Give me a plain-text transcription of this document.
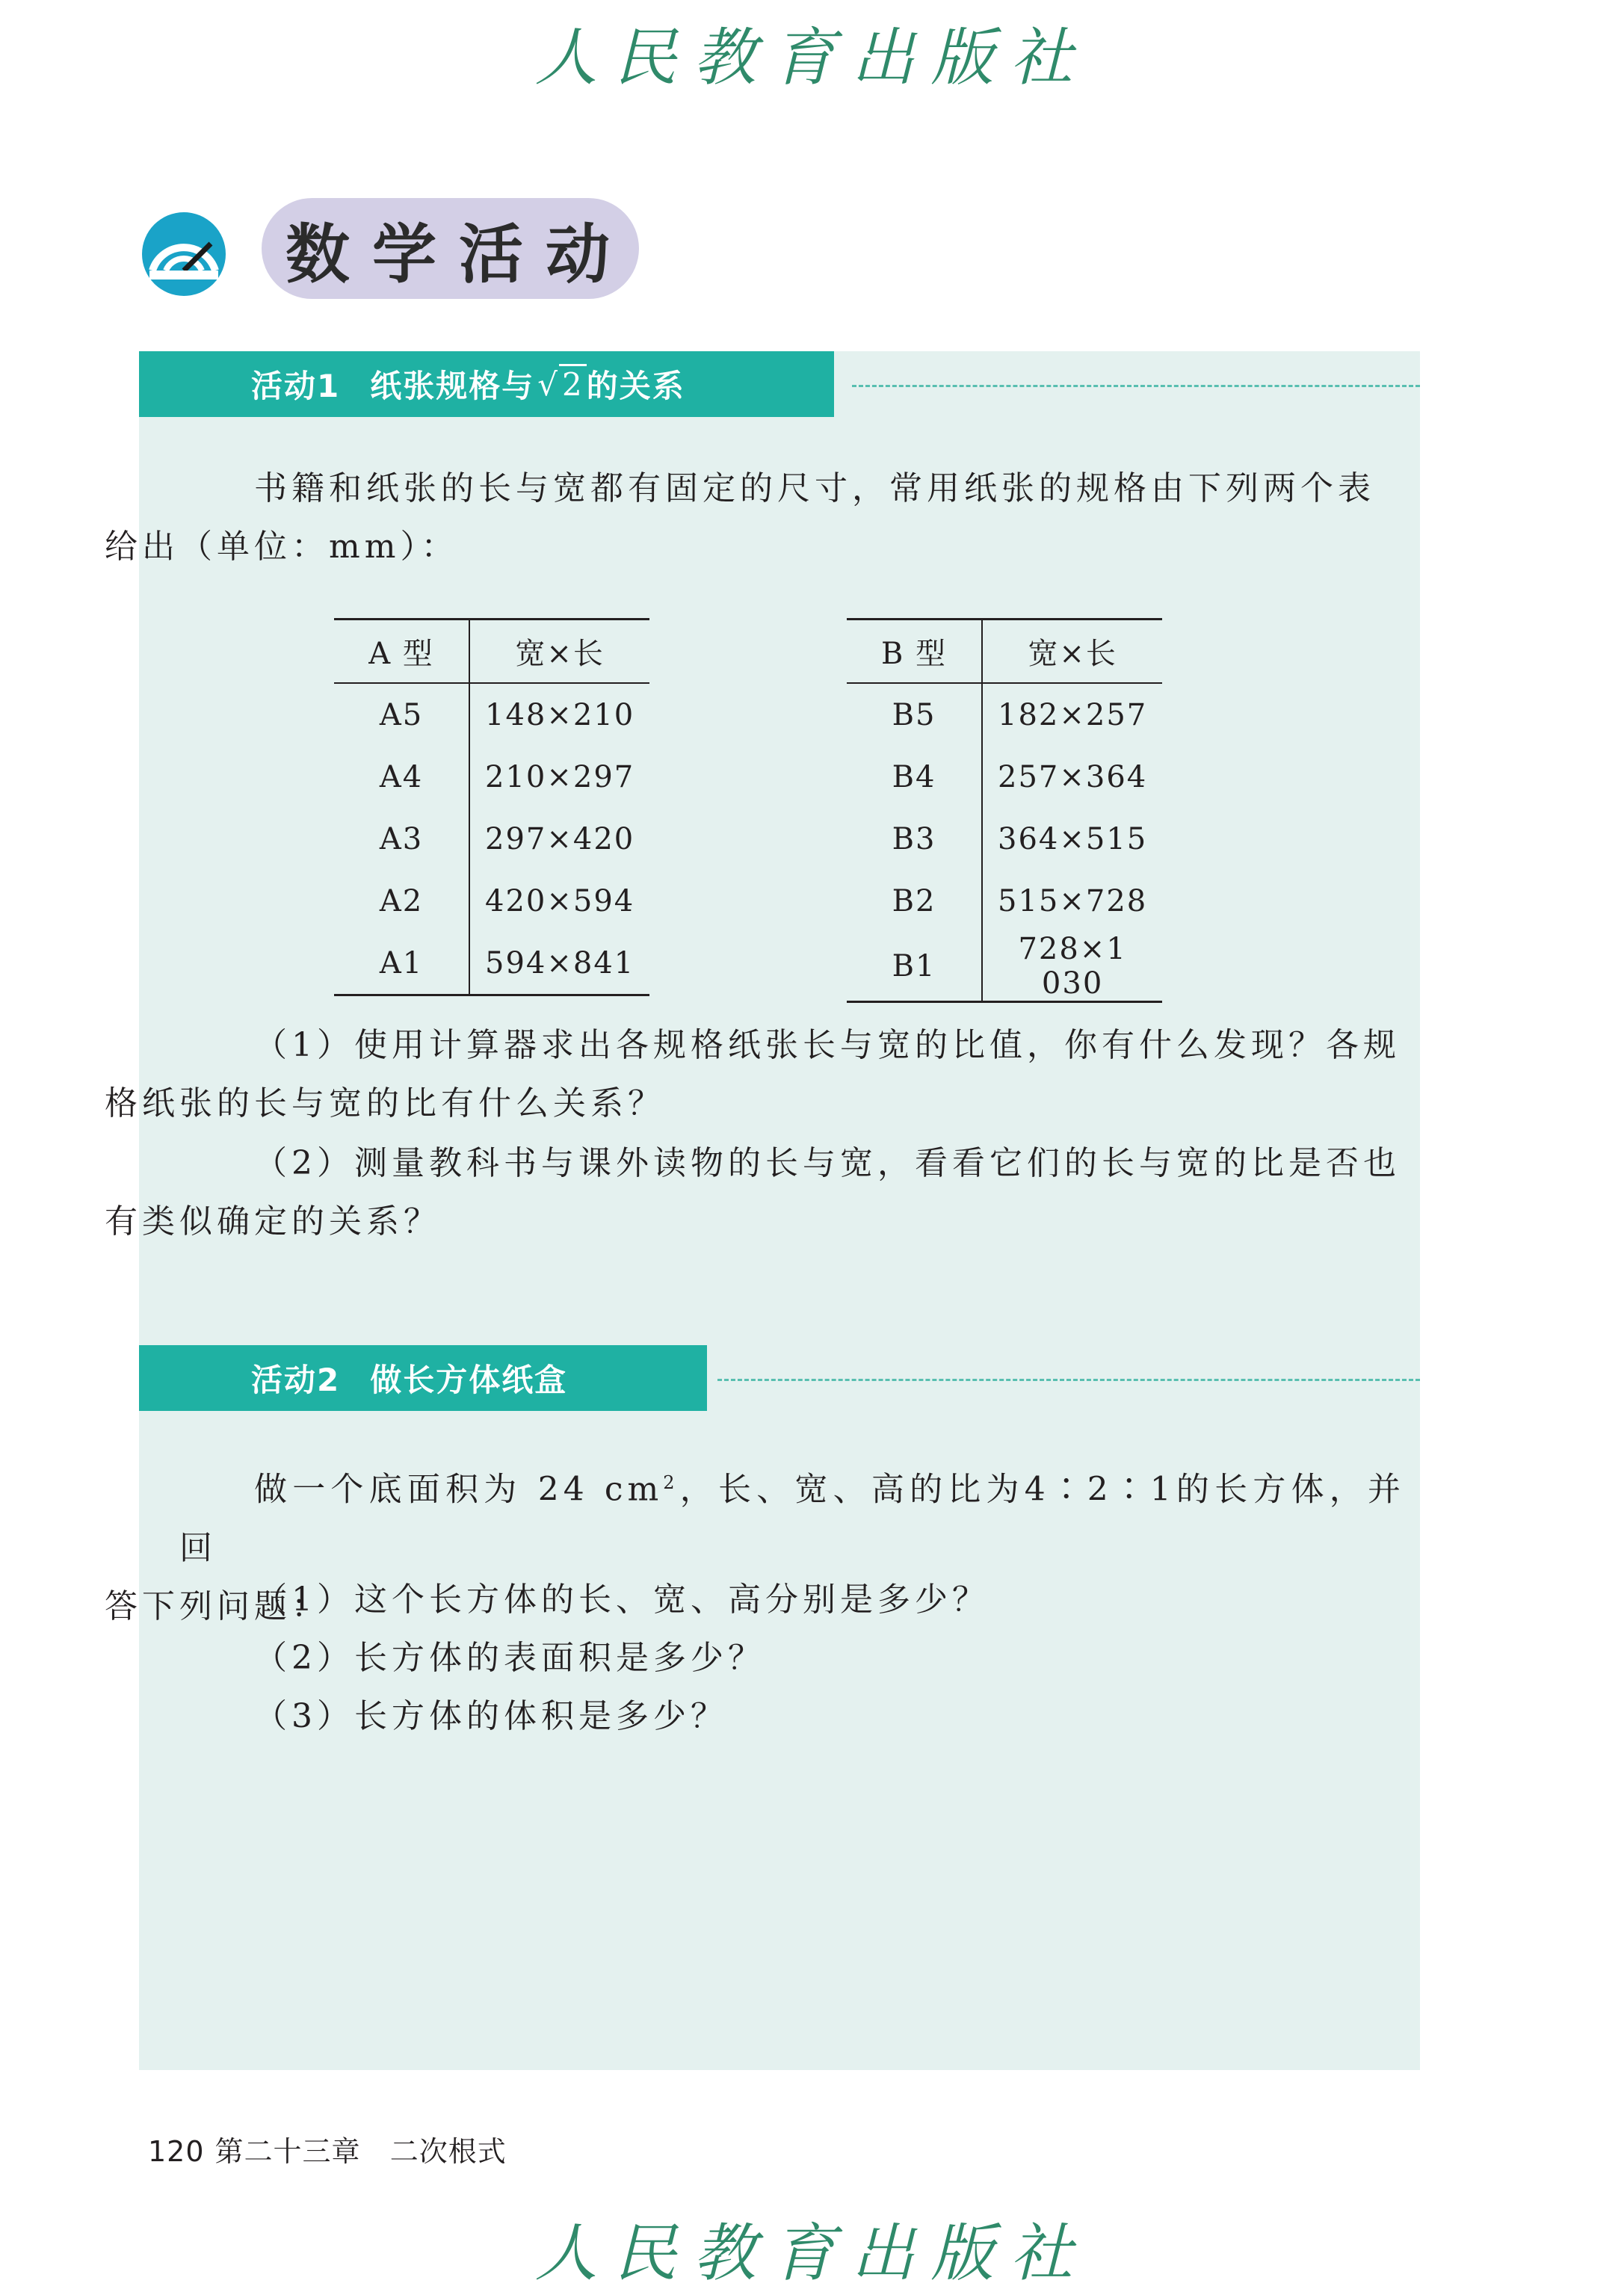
人民教育出版社
数学活动
活动1 纸张规格与 √2 的关系
书籍和纸张的长与宽都有固定的尺寸，常用纸张的规格由下列两个表
给出（单位：mm）：
A 型	宽×长
A5	148×210
A4	210×297
A3	297×420
A2	420×594
A1	594×841
B 型	宽×长
B5	182×257
B4	257×364
B3	364×515
B2	515×728
B1	728×1 030
（1）使用计算器求出各规格纸张长与宽的比值，你有什么发现？各规
格纸张的长与宽的比有什么关系？
（2）测量教科书与课外读物的长与宽，看看它们的长与宽的比是否也
有类似确定的关系？
活动2 做长方体纸盒
做一个底面积为 24 $cm^2$，长、宽、高的比为4∶2∶1的长方体，并回
答下列问题：
（1）这个长方体的长、宽、高分别是多少？
（2）长方体的表面积是多少？
（3）长方体的体积是多少？
120 第二十三章 二次根式
人民教育出版社
